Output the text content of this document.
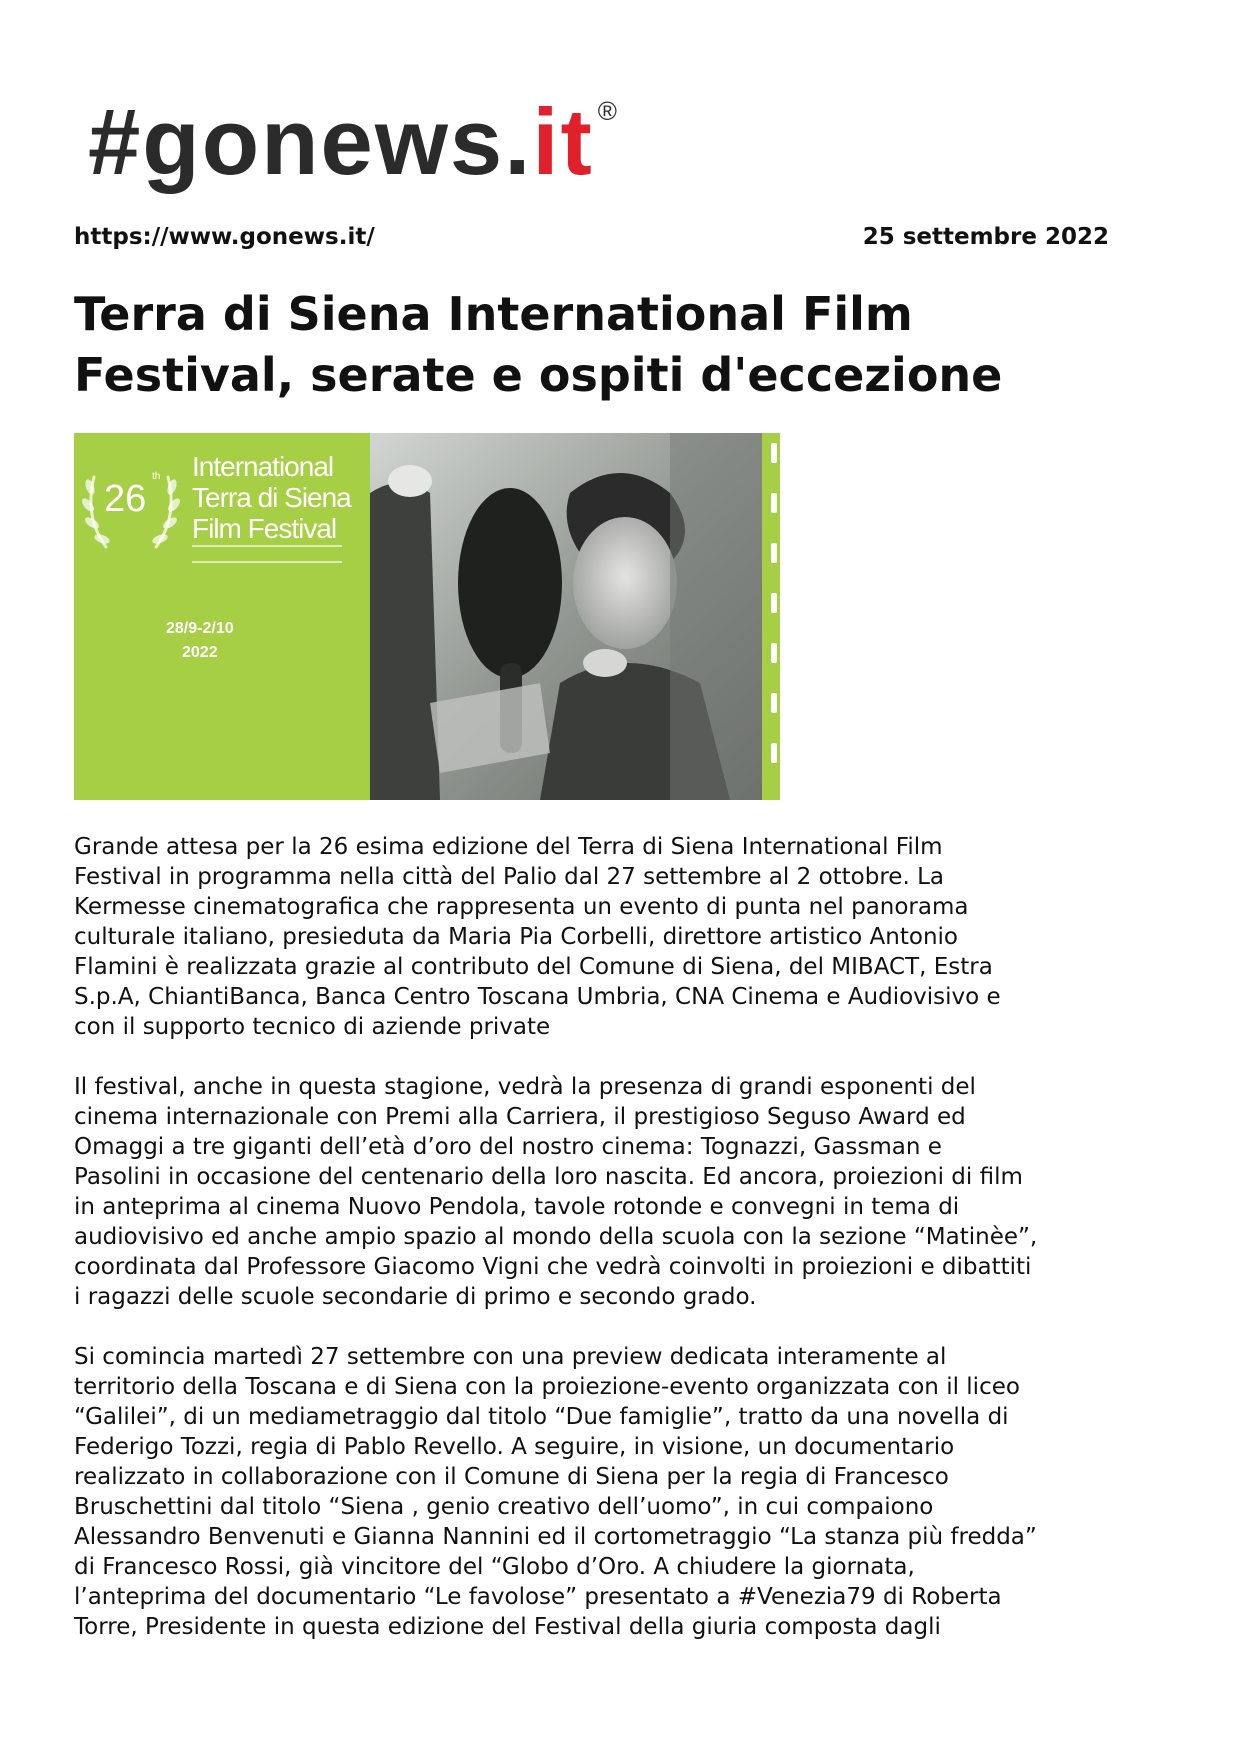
#gonews.it ®
https://www.gonews.it/	25 settembre 2022
Terra di Siena International Film
Festival, serate e ospiti d'eccezione
26
th International
Terra di Siena
Film Festival
28/9-2/10
2022

Grande attesa per la 26 esima edizione del Terra di Siena International Film
Festival in programma nella città del Palio dal 27 settembre al 2 ottobre. La
Kermesse cinematografica che rappresenta un evento di punta nel panorama
culturale italiano, presieduta da Maria Pia Corbelli, direttore artistico Antonio
Flamini è realizzata grazie al contributo del Comune di Siena, del MIBACT, Estra
S.p.A, ChiantiBanca, Banca Centro Toscana Umbria, CNA Cinema e Audiovisivo e
con il supporto tecnico di aziende private

Il festival, anche in questa stagione, vedrà la presenza di grandi esponenti del
cinema internazionale con Premi alla Carriera, il prestigioso Seguso Award ed
Omaggi a tre giganti dell’età d’oro del nostro cinema: Tognazzi, Gassman e
Pasolini in occasione del centenario della loro nascita. Ed ancora, proiezioni di film
in anteprima al cinema Nuovo Pendola, tavole rotonde e convegni in tema di
audiovisivo ed anche ampio spazio al mondo della scuola con la sezione “Matinèe”,
coordinata dal Professore Giacomo Vigni che vedrà coinvolti in proiezioni e dibattiti
i ragazzi delle scuole secondarie di primo e secondo grado.

Si comincia martedì 27 settembre con una preview dedicata interamente al
territorio della Toscana e di Siena con la proiezione-evento organizzata con il liceo
“Galilei”, di un mediametraggio dal titolo “Due famiglie”, tratto da una novella di
Federigo Tozzi, regia di Pablo Revello. A seguire, in visione, un documentario
realizzato in collaborazione con il Comune di Siena per la regia di Francesco
Bruschettini dal titolo “Siena , genio creativo dell’uomo”, in cui compaiono
Alessandro Benvenuti e Gianna Nannini ed il cortometraggio “La stanza più fredda”
di Francesco Rossi, già vincitore del “Globo d’Oro. A chiudere la giornata,
l’anteprima del documentario “Le favolose” presentato a #Venezia79 di Roberta
Torre, Presidente in questa edizione del Festival della giuria composta dagli
